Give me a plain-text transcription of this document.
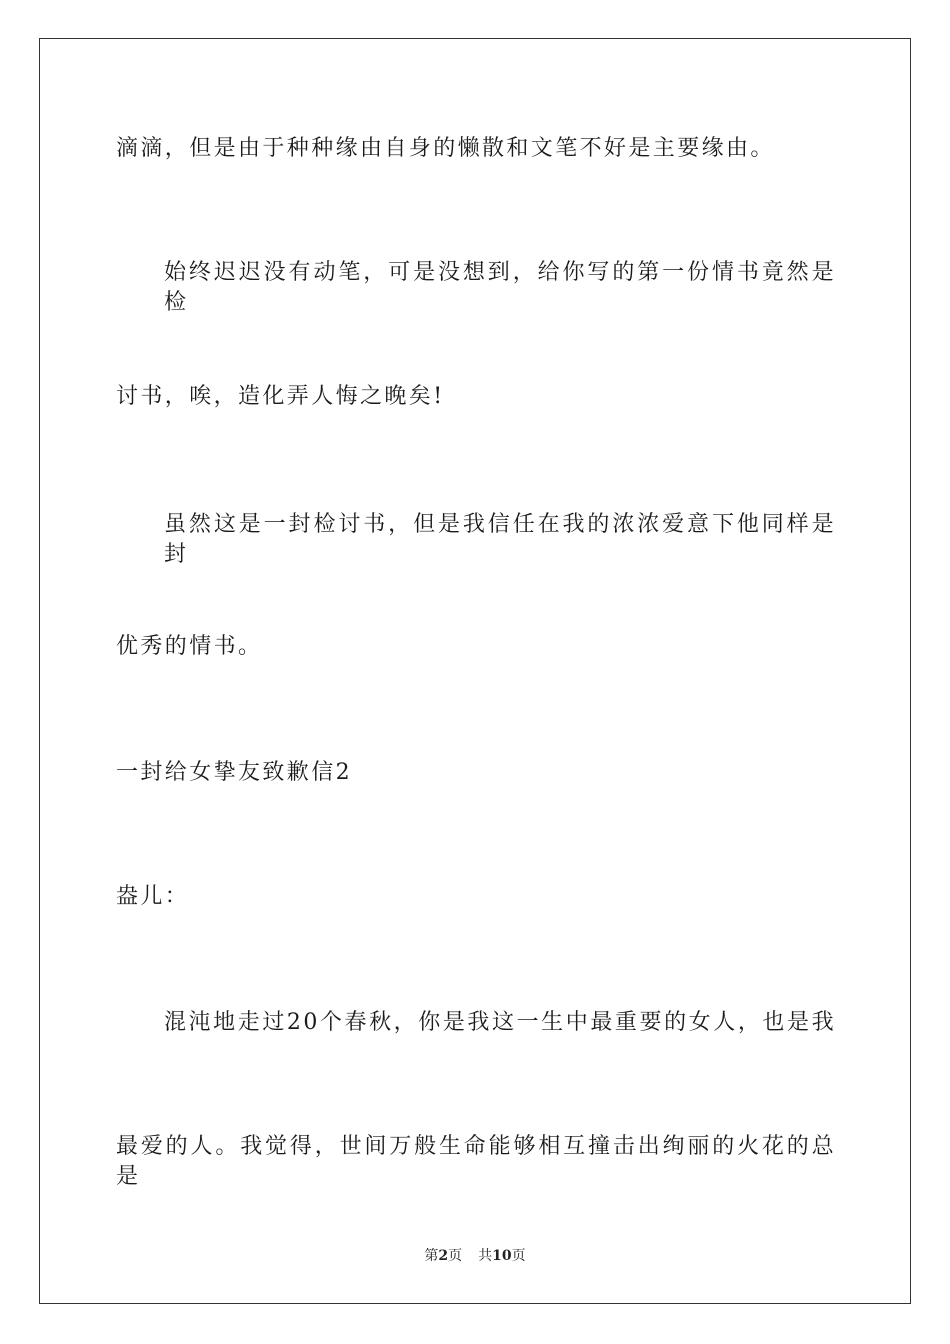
滴滴，但是由于种种缘由自身的懒散和文笔不好是主要缘由。
始终迟迟没有动笔，可是没想到，给你写的第一份情书竟然是检
讨书，唉，造化弄人悔之晚矣!
虽然这是一封检讨书，但是我信任在我的浓浓爱意下他同样是封
优秀的情书。
一封给女挚友致歉信2
盎儿：
混沌地走过20个春秋，你是我这一生中最重要的女人，也是我
最爱的人。我觉得，世间万般生命能够相互撞击出绚丽的火花的总是
第2页 共10页
